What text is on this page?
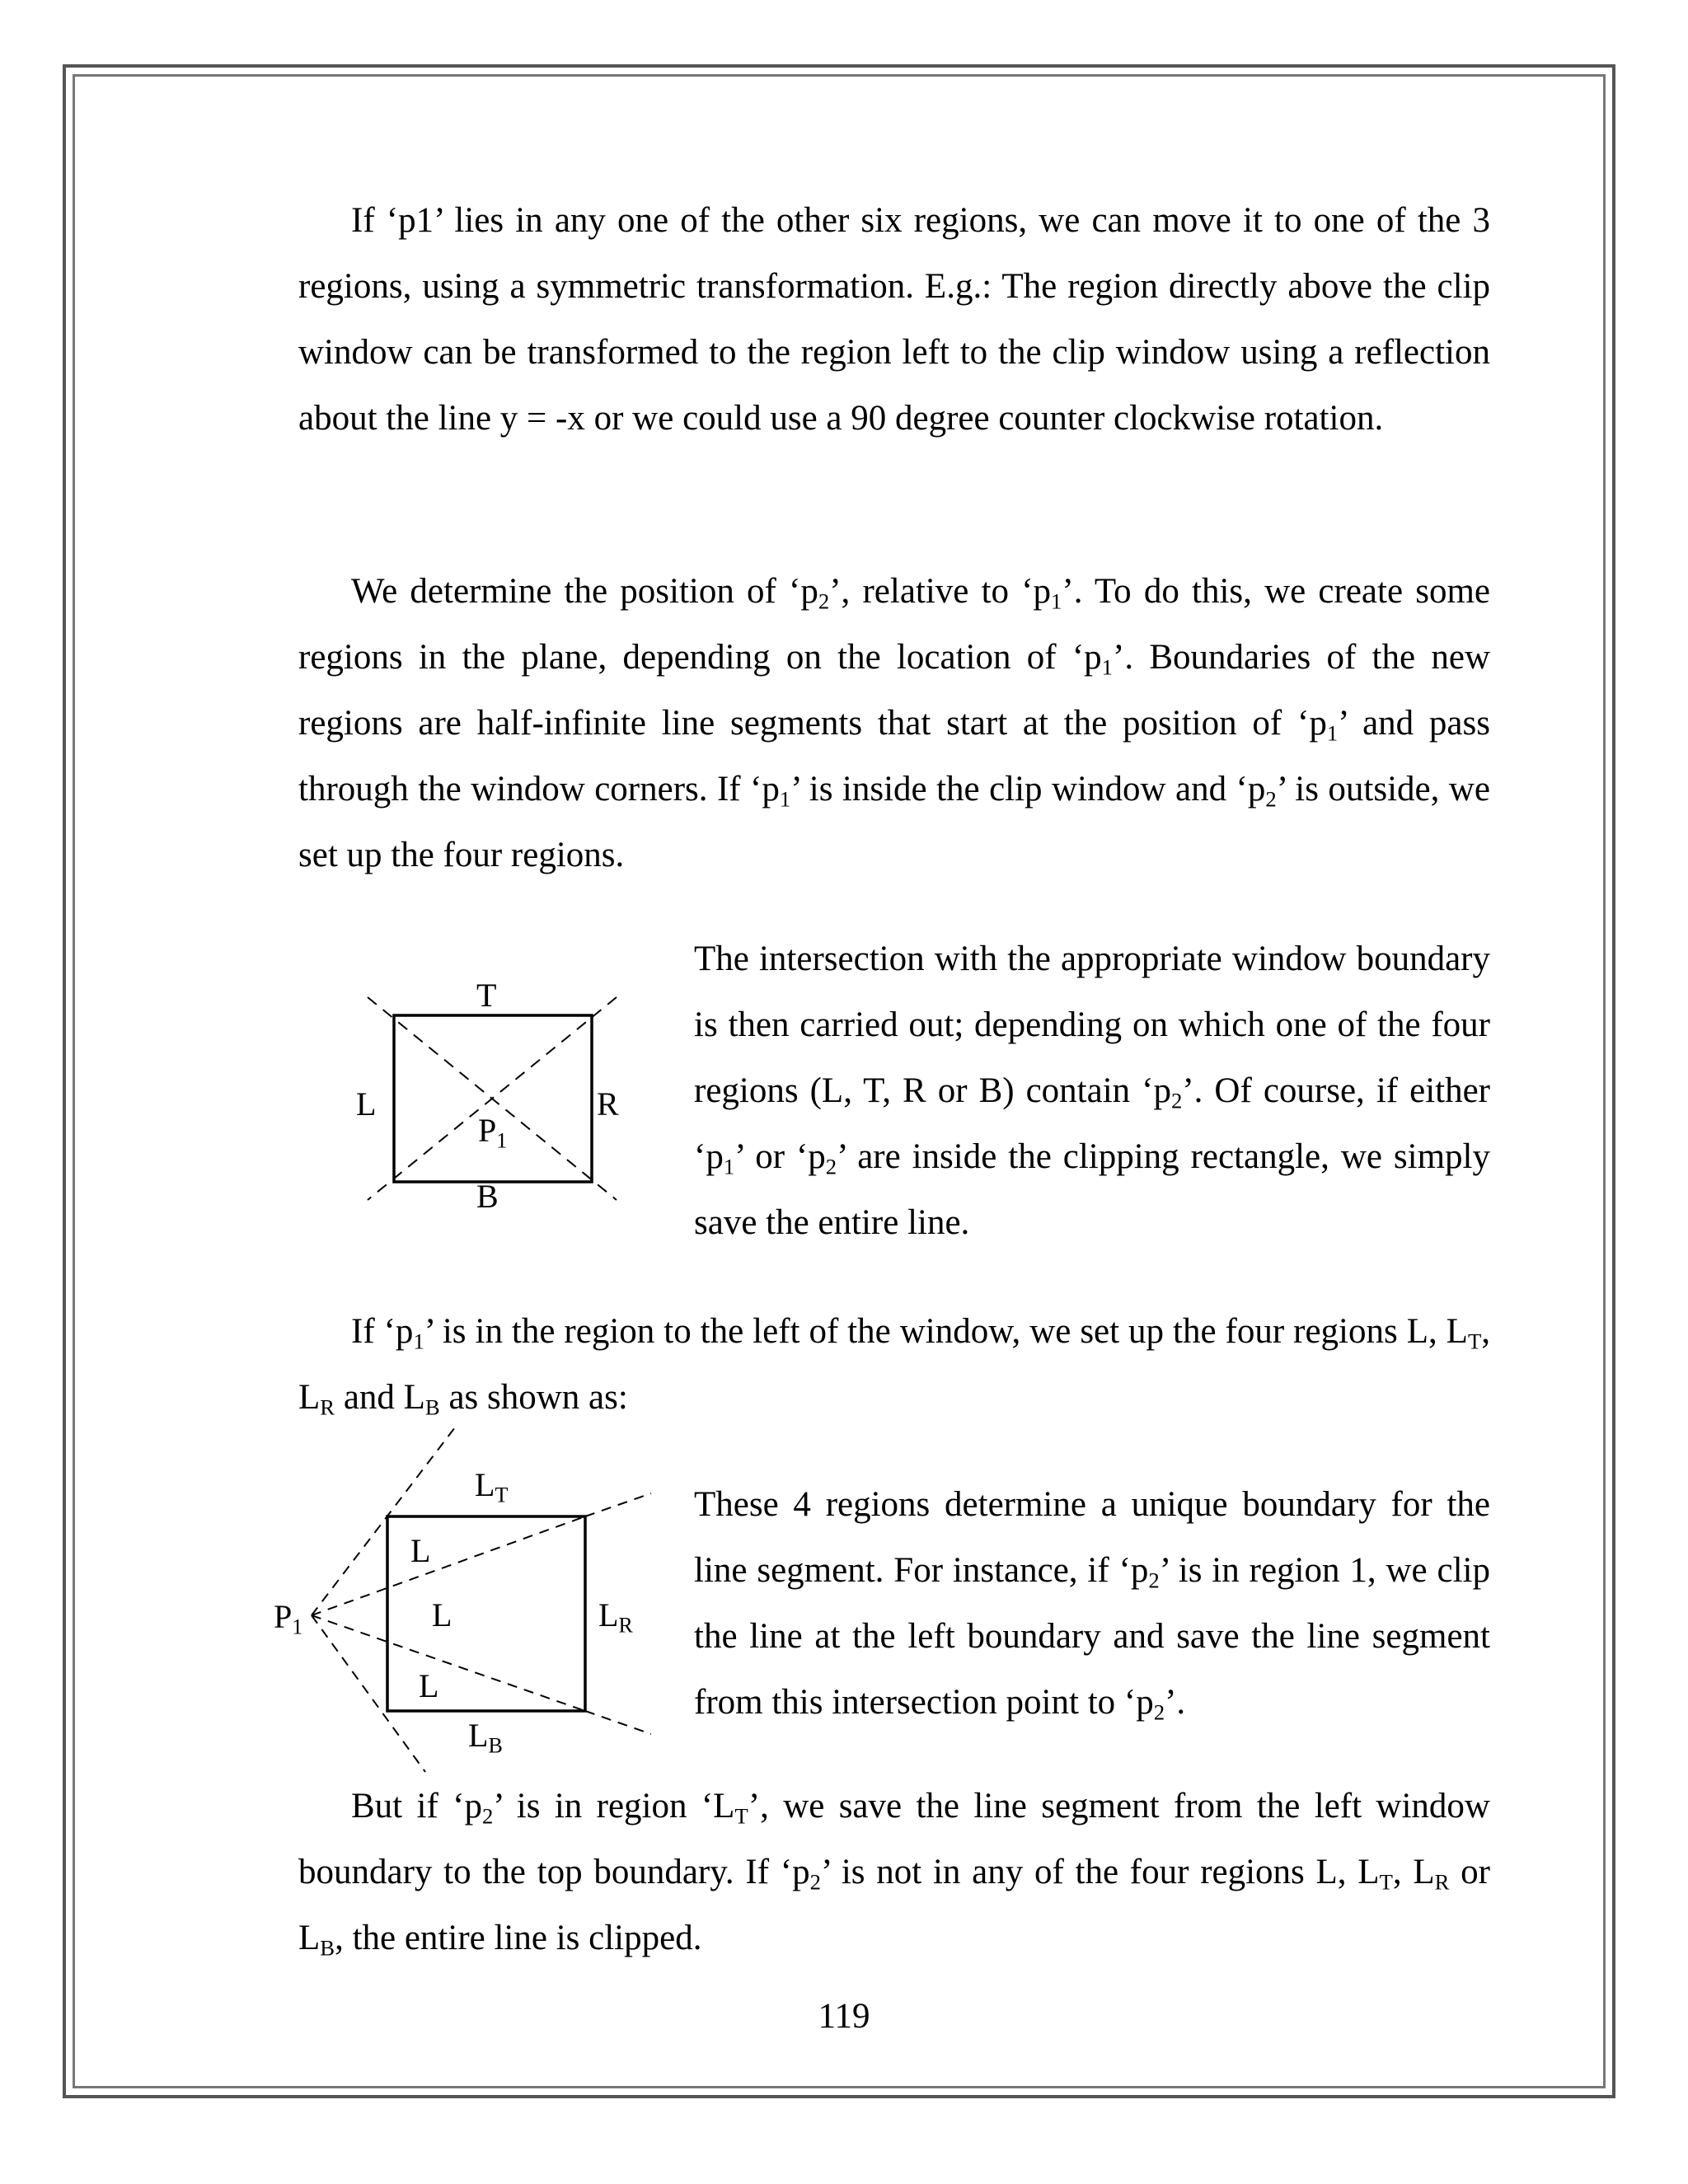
If ‘p1’ lies in any one of the other six regions, we can move it to one of the 3 regions, using a symmetric transformation. E.g.: The region directly above the clip window can be transformed to the region left to the clip window using a reflection about the line y = -x or we could use a 90 degree counter clockwise rotation.

We determine the position of ‘$p_2$’, relative to ‘$p_1$’. To do this, we create some regions in the plane, depending on the location of ‘$p_1$’. Boundaries of the new regions are half-infinite line segments that start at the position of ‘$p_1$’ and pass through the window corners. If ‘$p_1$’ is inside the clip window and ‘$p_2$’ is outside, we set up the four regions.

T
L	R
B
$P_1$

The intersection with the appropriate window boundary is then carried out; depending on which one of the four regions (L, T, R or B) contain ‘$p_2$’. Of course, if either ‘$p_1$’ or ‘$p_2$’ are inside the clipping rectangle, we simply save the entire line.

If ‘$p_1$’ is in the region to the left of the window, we set up the four regions L, $L_T$, $L_R$ and $L_B$ as shown as:

$L_T$
L
L
L
$L_R$
$L_B$
$P_1$

These 4 regions determine a unique boundary for the line segment. For instance, if ‘$p_2$’ is in region 1, we clip the line at the left boundary and save the line segment from this intersection point to ‘$p_2$’.

But if ‘$p_2$’ is in region ‘$L_T$’, we save the line segment from the left window boundary to the top boundary. If ‘$p_2$’ is not in any of the four regions L, $L_T$, $L_R$ or $L_B$, the entire line is clipped.

119
